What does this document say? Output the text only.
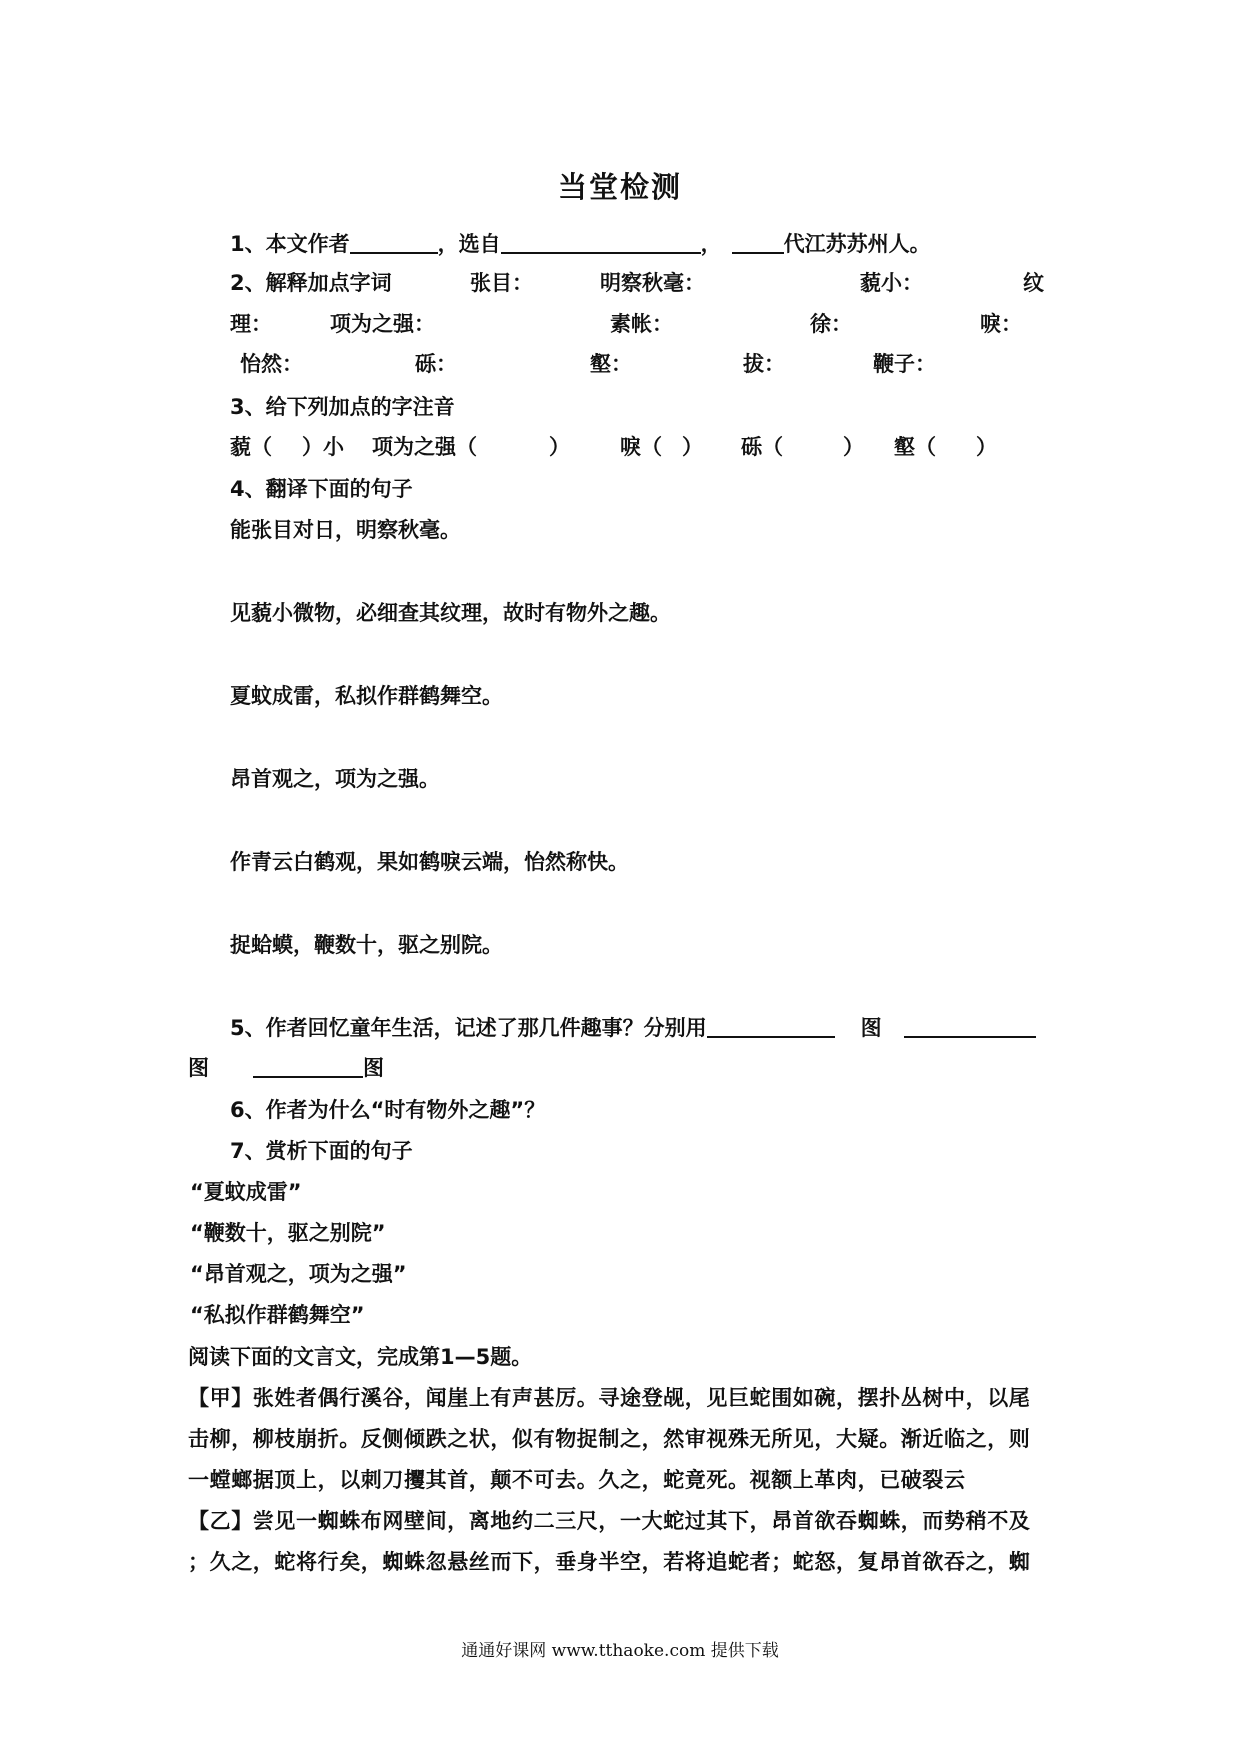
当堂检测
1、本文作者	，选自	，	代江苏苏州人。
2、解释加点字词	张目：	明察秋毫：	藐小：	纹
理：	项为之强：	素帐：	徐：	唳：
怡然：	砾：	壑：	拔：	鞭子：
3、给下列加点的字注音
藐（ ）小 项为之强（	） 唳（ ） 砾（	） 壑（ ）
4、翻译下面的句子
能张目对日，明察秋毫。
见藐小微物，必细查其纹理，故时有物外之趣。
夏蚊成雷，私拟作群鹤舞空。
昂首观之，项为之强。
作青云白鹤观，果如鹤唳云端，怡然称快。
捉蛤蟆，鞭数十，驱之别院。
5、作者回忆童年生活，记述了那几件趣事？分别用	图
图	图
6、作者为什么“时有物外之趣”？
7、赏析下面的句子
“夏蚊成雷”
“鞭数十，驱之别院”
“昂首观之，项为之强”
“私拟作群鹤舞空”
阅读下面的文言文，完成第1—5题。
【甲】张姓者偶行溪谷，闻崖上有声甚厉。寻途登觇，见巨蛇围如碗，摆扑丛树中，以尾
击柳，柳枝崩折。反侧倾跌之状，似有物捉制之，然审视殊无所见，大疑。渐近临之，则
一螳螂据顶上，以刺刀攫其首，颠不可去。久之，蛇竟死。视额上革肉，已破裂云
【乙】尝见一蜘蛛布网壁间，离地约二三尺，一大蛇过其下，昂首欲吞蜘蛛，而势稍不及
；久之，蛇将行矣，蜘蛛忽悬丝而下，垂身半空，若将追蛇者；蛇怒，复昂首欲吞之，蜘
通通好课网 www.tthaoke.com 提供下载
